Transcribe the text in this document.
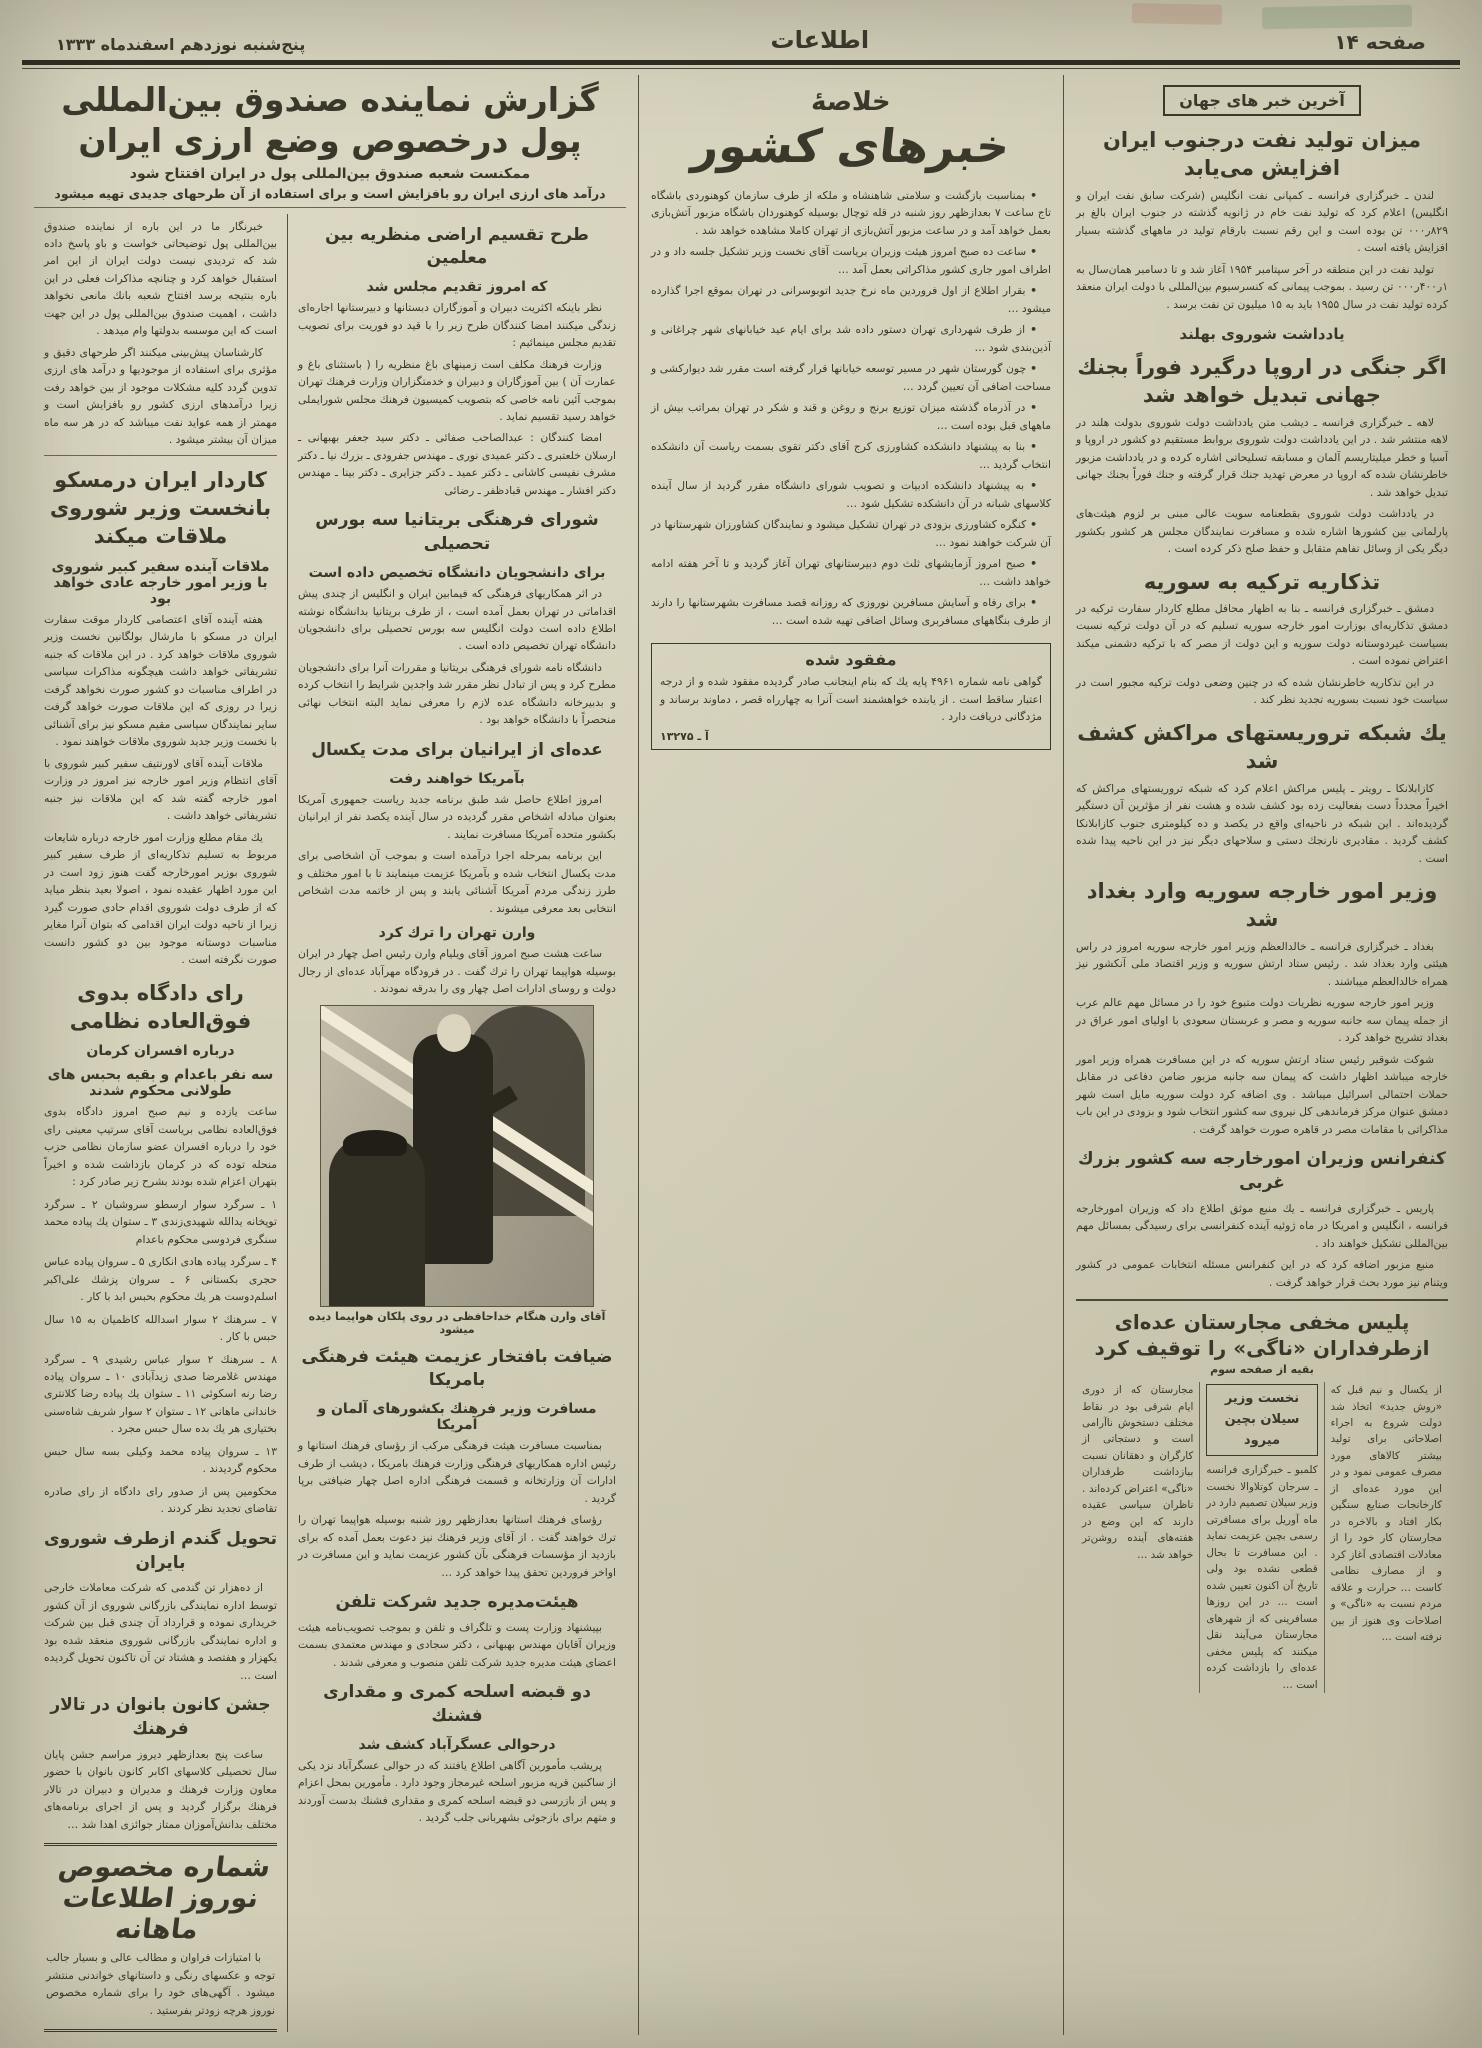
صفحه ۱۴
اطلاعات
پنج‌شنبه نوزدهم اسفندماه ۱۳۳۳
آخرین خبر های جهان
میزان تولید نفت درجنوب ایران افزایش می‌یابد

لندن ـ خبرگزاری فرانسه ـ کمپانی نفت انگلیس (شرکت سابق نفت ایران و انگلیس) اعلام کرد که تولید نفت خام در ژانویه گذشته در جنوب ایران بالغ بر ۸۲۹ر۰۰۰ تن بوده است و این رقم نسبت بارقام تولید در ماههای گذشته بسیار افزایش یافته است .

تولید نفت در این منطقه در آخر سپتامبر ۱۹۵۴ آغاز شد و تا دسامبر همان‌سال به ۱ر۴۰۰ر۰۰۰ تن رسید . بموجب پیمانی که کنسرسیوم بین‌المللی با دولت ایران منعقد کرده تولید نفت در سال ۱۹۵۵ باید به ۱۵ میلیون تن نفت برسد .

یادداشت شوروی بهلند
اگر جنگی در اروپا درگیرد فوراً بجنك جهانی تبدیل خواهد شد

لاهه ـ خبرگزاری فرانسه ـ دیشب متن یادداشت دولت شوروی بدولت هلند در لاهه منتشر شد . در این یادداشت دولت شوروی بروابط مستقیم دو کشور در اروپا و آسیا و خطر میلیتاریسم آلمان و مسابقه تسلیحاتی اشاره کرده و در یادداشت مزبور خاطرنشان شده که اروپا در معرض تهدید جنك قرار گرفته و جنك فوراً بجنك جهانی تبدیل خواهد شد .

در یادداشت دولت شوروی بقطعنامه سویت عالی مبنی بر لزوم هیئت‌های پارلمانی بین کشورها اشاره شده و مسافرت نمایندگان مجلس هر کشور بکشور دیگر یکی از وسائل تفاهم متقابل و حفظ صلح ذکر کرده است .

تذکاریه ترکیه به سوریه

دمشق ـ خبرگزاری فرانسه ـ بنا به اظهار محافل مطلع کاردار سفارت ترکیه در دمشق تذکاریه‌ای بوزارت امور خارجه سوریه تسلیم که در آن دولت ترکیه نسبت بسیاست غیردوستانه دولت سوریه و این دولت از مصر که با ترکیه دشمنی میکند اعتراض نموده است .

در این تذکاریه خاطرنشان شده که در چنین وضعی دولت ترکیه مجبور است در سیاست خود نسبت بسوریه تجدید نظر کند .

یك شبکه تروریستهای مراکش کشف شد

کازابلانکا ـ رویتر ـ پلیس مراکش اعلام کرد که شبکه تروریستهای مراکش که اخیراً مجدداً دست بفعالیت زده بود کشف شده و هشت نفر از مؤثرین آن دستگیر گردیده‌اند . این شبکه در ناحیه‌ای واقع در یکصد و ده کیلومتری جنوب کازابلانکا کشف گردید . مقادیری نارنجك دستی و سلاحهای دیگر نیز در این ناحیه پیدا شده است .

وزیر امور خارجه سوریه وارد بغداد شد

بغداد ـ خبرگزاری فرانسه ـ خالدالعظم وزیر امور خارجه سوریه امروز در راس هیئتی وارد بغداد شد . رئیس ستاد ارتش سوریه و وزیر اقتصاد ملی آنکشور نیز همراه خالدالعظم میباشند .

وزیر امور خارجه سوریه نظریات دولت متبوع خود را در مسائل مهم عالم عرب از جمله پیمان سه جانبه سوریه و مصر و عربستان سعودی با اولیای امور عراق در بغداد تشریح خواهد کرد .

شوکت شوقیر رئیس ستاد ارتش سوریه که در این مسافرت همراه وزیر امور خارجه میباشد اظهار داشت که پیمان سه جانبه مزبور ضامن دفاعی در مقابل حملات احتمالی اسرائیل میباشد . وی اضافه کرد دولت سوریه مایل است شهر دمشق عنوان مرکز فرماندهی کل نیروی سه کشور انتخاب شود و بزودی در این باب مذاکراتی با مقامات مصر در قاهره صورت خواهد گرفت .

کنفرانس وزیران امورخارجه سه کشور بزرك غربی

پاریس ـ خبرگزاری فرانسه ـ یك منبع موثق اطلاع داد که وزیران امورخارجه فرانسه ، انگلیس و امریکا در ماه ژوئیه آینده کنفرانسی برای رسیدگی بمسائل مهم بین‌المللی تشکیل خواهند داد .

منبع مزبور اضافه کرد که در این کنفرانس مسئله انتخابات عمومی در کشور ویتنام نیز مورد بحث قرار خواهد گرفت .

پلیس مخفی مجارستان عده‌ای ازطرفداران «ناگی» را توقیف کرد
بقیه از صفحه سوم
از یکسال و نیم قبل که «روش جدید» اتخاذ شد دولت شروع به اجراء اصلاحاتی برای تولید بیشتر کالاهای مورد مصرف عمومی نمود و در این مورد عده‌ای از کارخانجات صنایع سنگین بکار افتاد و بالاخره در مجارستان کار خود را از معادلات اقتصادی آغاز کرد و از مصارف نظامی کاست … حرارت و علاقه مردم نسبت به «ناگی» و اصلاحات وی هنوز از بین نرفته است …
نخست وزیر سیلان بچین میرود
کلمبو ـ خبرگزاری فرانسه ـ سرجان کوتلاوالا نخست وزیر سیلان تصمیم دارد در ماه آوریل برای مسافرتی رسمی بچین عزیمت نماید . این مسافرت تا بحال قطعی نشده بود ولی تاریخ آن اکنون تعیین شده است … در این روزها مسافرینی که از شهرهای مجارستان می‌آیند نقل میکنند که پلیس مخفی عده‌ای را بازداشت کرده است …
مجارستان که از دوری ایام شرقی بود در نقاط مختلف دستخوش ناآرامی است و دستجاتی از کارگران و دهقانان نسبت ببازداشت طرفداران «ناگی» اعتراض کرده‌اند . ناظران سیاسی عقیده دارند که این وضع در هفته‌های آینده روشن‌تر خواهد شد …
خلاصهٔ
خبرهای کشور

• بمناسبت بازگشت و سلامتی شاهنشاه و ملکه از طرف سازمان کوهنوردی باشگاه تاج ساعت ۷ بعدازظهر روز شنبه در قله توچال بوسیله کوهنوردان باشگاه مزبور آتش‌بازی بعمل خواهد آمد و در ساعت مزبور آتش‌بازی از تهران کاملا مشاهده خواهد شد .

• ساعت ده صبح امروز هیئت وزیران بریاست آقای نخست وزیر تشکیل جلسه داد و در اطراف امور جاری کشور مذاکراتی بعمل آمد …

• بقرار اطلاع از اول فروردین ماه نرخ جدید اتوبوسرانی در تهران بموقع اجرا گذارده میشود …

• از طرف شهرداری تهران دستور داده شد برای ایام عید خیابانهای شهر چراغانی و آذین‌بندی شود …

• چون گورستان شهر در مسیر توسعه خیابانها قرار گرفته است مقرر شد دیوارکشی و مساحت اضافی آن تعیین گردد …

• در آذرماه گذشته میزان توزیع برنج و روغن و قند و شکر در تهران بمراتب بیش از ماههای قبل بوده است …

• بنا به پیشنهاد دانشکده کشاورزی کرج آقای دکتر تقوی بسمت ریاست آن دانشکده انتخاب گردید …

• به پیشنهاد دانشکده ادبیات و تصویب شورای دانشگاه مقرر گردید از سال آینده کلاسهای شبانه در آن دانشکده تشکیل شود …

• کنگره کشاورزی بزودی در تهران تشکیل میشود و نمایندگان کشاورزان شهرستانها در آن شرکت خواهند نمود …

• صبح امروز آزمایشهای ثلث دوم دبیرستانهای تهران آغاز گردید و تا آخر هفته ادامه خواهد داشت …

• برای رفاه و آسایش مسافرین نوروزی که روزانه قصد مسافرت بشهرستانها را دارند از طرف بنگاههای مسافربری وسائل اضافی تهیه شده است …

مفقود شده
گواهی نامه شماره ۴۹۶۱ پایه یك که بنام اینجانب صادر گردیده مفقود شده و از درجه اعتبار ساقط است . از یابنده خواهشمند است آنرا به چهارراه قصر ، دماوند برساند و مژدگانی دریافت دارد .
آ ـ ۱۳۲۷۵
گزارش نماینده صندوق بین‌المللی پول درخصوص وضع ارزی ایران
ممکنست شعبه صندوق بین‌المللی پول در ایران افتتاح شود
درآمد های ارزی ایران رو بافزایش است و برای استفاده از آن طرحهای جدیدی تهیه میشود
طرح تقسیم اراضی منظریه بین معلمین
که امروز تقدیم مجلس شد

نظر باینکه اکثریت دبیران و آموزگاران دبستانها و دبیرستانها اجاره‌ای زندگی میکنند امضا کنندگان طرح زیر را با قید دو فوریت برای تصویب تقدیم مجلس مینمائیم :

وزارت فرهنك مکلف است زمینهای باغ منظریه را ( باستثنای باغ و عمارت آن ) بین آموزگاران و دبیران و خدمتگزاران وزارت فرهنك تهران بموجب آئین نامه خاصی که بتصویب کمیسیون فرهنك مجلس شورایملی خواهد رسید تقسیم نماید .

امضا کنندگان : عبدالصاحب صفائی ـ دکتر سید جعفر بهبهانی ـ ارسلان خلعتبری ـ دکتر عمیدی نوری ـ مهندس جفرودی ـ بزرك نیا ـ دکتر مشرف نفیسی کاشانی ـ دکتر عمید ـ دکتر جزایری ـ دکتر بینا ـ مهندس دکتر افشار ـ مهندس قبادظفر ـ رضائی

شورای فرهنگی بریتانیا سه بورس تحصیلی
برای دانشجویان دانشگاه تخصیص داده است

در اثر همکاریهای فرهنگی که فیمابین ایران و انگلیس از چندی پیش اقداماتی در تهران بعمل آمده است ، از طرف بریتانیا بدانشگاه نوشته اطلاع داده است دولت انگلیس سه بورس تحصیلی برای دانشجویان دانشگاه تهران تخصیص داده است .

دانشگاه نامه شورای فرهنگی بریتانیا و مقررات آنرا برای دانشجویان مطرح کرد و پس از تبادل نظر مقرر شد واجدین شرایط را انتخاب کرده و بدبیرخانه دانشگاه عده لازم را معرفی نماید البته انتخاب نهائی منحصراً با دانشگاه خواهد بود .

عده‌ای از ایرانیان برای مدت یکسال
بآمریکا خواهند رفت

امروز اطلاع حاصل شد طبق برنامه جدید ریاست جمهوری آمریکا بعنوان مبادله اشخاص مقرر گردیده در سال آینده یکصد نفر از ایرانیان بکشور متحده آمریکا مسافرت نمایند .

این برنامه بمرحله اجرا درآمده است و بموجب آن اشخاصی برای مدت یکسال انتخاب شده و بآمریکا عزیمت مینمایند تا با امور مختلف و طرز زندگی مردم آمریکا آشنائی یابند و پس از خاتمه مدت اشخاص انتخابی بعد معرفی میشوند .

وارن تهران را ترك کرد

ساعت هشت صبح امروز آقای ویلیام وارن رئیس اصل چهار در ایران بوسیله هواپیما تهران را ترك گفت . در فرودگاه مهرآباد عده‌ای از رجال دولت و روسای ادارات اصل چهار وی را بدرقه نمودند .

آقای وارن هنگام خداحافظی در روی پلکان هواپیما دیده میشود
ضیافت بافتخار عزیمت هیئت فرهنگی بامریکا
مسافرت وزیر فرهنك بکشورهای آلمان و آمریکا

بمناسبت مسافرت هیئت فرهنگی مرکب از رؤسای فرهنك استانها و رئیس اداره همکاریهای فرهنگی وزارت فرهنك بامریکا ، دیشب از طرف ادارات آن وزارتخانه و قسمت فرهنگی اداره اصل چهار ضیافتی برپا گردید .

رؤسای فرهنك استانها بعدازظهر روز شنبه بوسیله هواپیما تهران را ترك خواهند گفت . از آقای وزیر فرهنك نیز دعوت بعمل آمده که برای بازدید از مؤسسات فرهنگی بآن کشور عزیمت نماید و این مسافرت در اواخر فروردین تحقق پیدا خواهد کرد …

هیئت‌مدیره جدید شرکت تلفن

بپیشنهاد وزارت پست و تلگراف و تلفن و بموجب تصویب‌نامه هیئت وزیران آقایان مهندس بهبهانی ، دکتر سجادی و مهندس معتمدی بسمت اعضای هیئت مدیره جدید شرکت تلفن منصوب و معرفی شدند .

دو قبضه اسلحه کمری و مقداری فشنك
درحوالی عسگرآباد کشف شد

پریشب مأمورین آگاهی اطلاع یافتند که در حوالی عسگرآباد نزد یکی از ساکنین قریه مزبور اسلحه غیرمجاز وجود دارد . مأمورین بمحل اعزام و پس از بازرسی دو قبضه اسلحه کمری و مقداری فشنك بدست آوردند و متهم برای بازجوئی بشهربانی جلب گردید .

خبرنگار ما در این باره از نماینده صندوق بین‌المللی پول توضیحاتی خواست و باو پاسخ داده شد که تردیدی نیست دولت ایران از این امر استقبال خواهد کرد و چنانچه مذاکرات فعلی در این باره بنتیجه برسد افتتاح شعبه بانك مانعی نخواهد داشت ، اهمیت صندوق بین‌المللی پول در این جهت است که این موسسه بدولتها وام میدهد .

کارشناسان پیش‌بینی میکنند اگر طرحهای دقیق و مؤثری برای استفاده از موجودیها و درآمد های ارزی تدوین گردد کلیه مشکلات موجود از بین خواهد رفت زیرا درآمدهای ارزی کشور رو بافزایش است و مهمتر از همه عواید نفت میباشد که در هر سه ماه میزان آن بیشتر میشود .

کاردار ایران درمسکو بانخست وزیر شوروی ملاقات میکند
ملاقات آینده سفیر کبیر شوروی با وزیر امور خارجه عادی خواهد بود

هفته آینده آقای اعتصامی کاردار موقت سفارت ایران در مسکو با مارشال بولگانین نخست وزیر شوروی ملاقات خواهد کرد . در این ملاقات که جنبه تشریفاتی خواهد داشت هیچگونه مذاکرات سیاسی در اطراف مناسبات دو کشور صورت نخواهد گرفت زیرا در روزی که این ملاقات صورت خواهد گرفت سایر نمایندگان سیاسی مقیم مسکو نیز برای آشنائی با نخست وزیر جدید شوروی ملاقات خواهند نمود .

ملاقات آینده آقای لاورنتیف سفیر کبیر شوروی با آقای انتظام وزیر امور خارجه نیز امروز در وزارت امور خارجه گفته شد که این ملاقات نیز جنبه تشریفاتی خواهد داشت .

یك مقام مطلع وزارت امور خارجه درباره شایعات مربوط به تسلیم تذکاریه‌ای از طرف سفیر کبیر شوروی بوزیر امورخارجه گفت هنوز زود است در این مورد اظهار عقیده نمود ، اصولا بعید بنظر میاید که از طرف دولت شوروی اقدام حادی صورت گیرد زیرا از ناحیه دولت ایران اقدامی که بتوان آنرا مغایر مناسبات دوستانه موجود بین دو کشور دانست صورت نگرفته است .

رای دادگاه بدوی فوق‌العاده نظامی
درباره افسران کرمان
سه نفر باعدام و بقیه بحبس های طولانی محکوم شدند

ساعت یازده و نیم صبح امروز دادگاه بدوی فوق‌العاده نظامی بریاست آقای سرتیپ معینی رای خود را درباره افسران عضو سازمان نظامی حزب منحله توده که در کرمان بازداشت شده و اخیراً بتهران اعزام شده بودند بشرح زیر صادر کرد :

۱ ـ سرگرد سوار ارسطو سروشیان ۲ ـ سرگرد توپخانه یدالله شهیدی‌زندی ۳ ـ ستوان یك پیاده محمد سنگری فردوسی محکوم باعدام

۴ ـ سرگرد پیاده هادی انکاری ۵ ـ سروان پیاده عباس حجری بکستانی ۶ ـ سروان پزشك علی‌اکبر اسلم‌دوست هر یك محکوم بحبس ابد با کار .

۷ ـ سرهنك ۲ سوار اسدالله کاظمیان به ۱۵ سال حبس با کار .

۸ ـ سرهنك ۲ سوار عباس رشیدی ۹ ـ سرگرد مهندس غلامرضا صدی زیدآبادی ۱۰ ـ سروان پیاده رضا رنه اسکوئی ۱۱ ـ ستوان یك پیاده رضا کلانتری خاندانی ماهانی ۱۲ ـ ستوان ۲ سوار شریف شاه‌سنی بختیاری هر یك بده سال حبس مجرد .

۱۳ ـ سروان پیاده محمد وکیلی بسه سال حبس محکوم گردیدند .

محکومین پس از صدور رای دادگاه از رای صادره تقاضای تجدید نظر کردند .

تحویل گندم ازطرف شوروی بایران

از ده‌هزار تن گندمی که شرکت معاملات خارجی توسط اداره نمایندگی بازرگانی شوروی از آن کشور خریداری نموده و قرارداد آن چندی قبل بین شرکت و اداره نمایندگی بازرگانی شوروی منعقد شده بود یکهزار و هفتصد و هشتاد تن آن تاکنون تحویل گردیده است …

جشن کانون بانوان در تالار فرهنك

ساعت پنج بعدازظهر دیروز مراسم جشن پایان سال تحصیلی کلاسهای اکابر کانون بانوان با حضور معاون وزارت فرهنك و مدیران و دبیران در تالار فرهنك برگزار گردید و پس از اجرای برنامه‌های مختلف بدانش‌آموزان ممتاز جوائزی اهدا شد …

شماره مخصوص نوروز اطلاعات ماهانه

با امتیازات فراوان و مطالب عالی و بسیار جالب توجه و عکسهای رنگی و داستانهای خواندنی منتشر میشود . آگهی‌های خود را برای شماره مخصوص نوروز هرچه زودتر بفرستید .
